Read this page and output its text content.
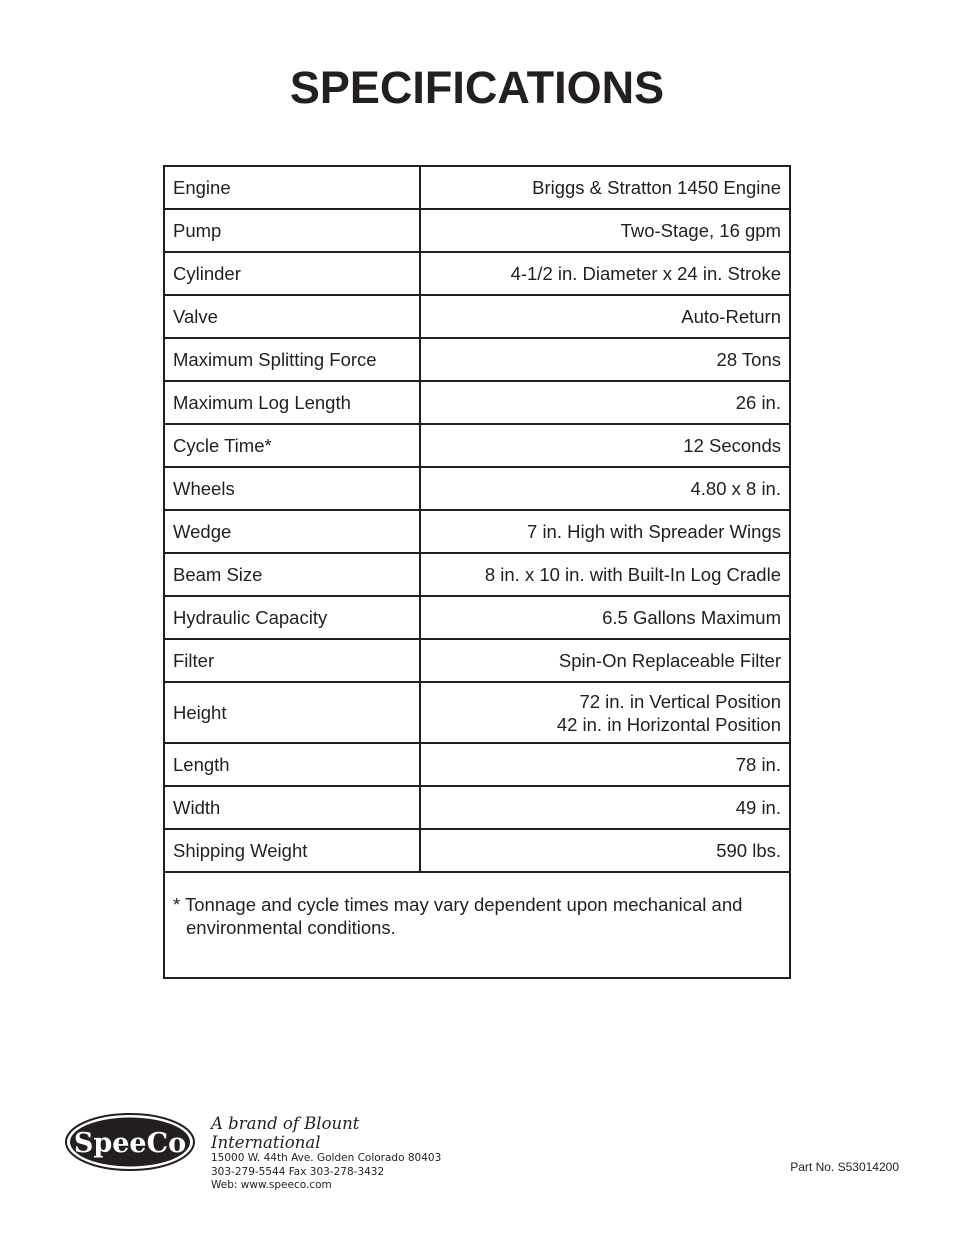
SPECIFICATIONS
Engine	Briggs & Stratton 1450 Engine
Pump	Two-Stage, 16 gpm
Cylinder	4-1/2 in. Diameter x 24 in. Stroke
Valve	Auto-Return
Maximum Splitting Force	28 Tons
Maximum Log Length	26 in.
Cycle Time*	12 Seconds
Wheels	4.80 x 8 in.
Wedge	7 in. High with Spreader Wings
Beam Size	8 in. x 10 in. with Built-In Log Cradle
Hydraulic Capacity	6.5 Gallons Maximum
Filter	Spin-On Replaceable Filter
Height	72 in. in Vertical Position
42 in. in Horizontal Position

Length	78 in.
Width	49 in.
Shipping Weight	590 lbs.

* Tonnage and cycle times may vary dependent upon mechanical and
environmental conditions.	
SpeeCo
A brand of Blount International
15000 W. 44th Ave. Golden Colorado 80403
303-279-5544 Fax 303-278-3432
Web: www.speeco.com
Part No. S53014200
